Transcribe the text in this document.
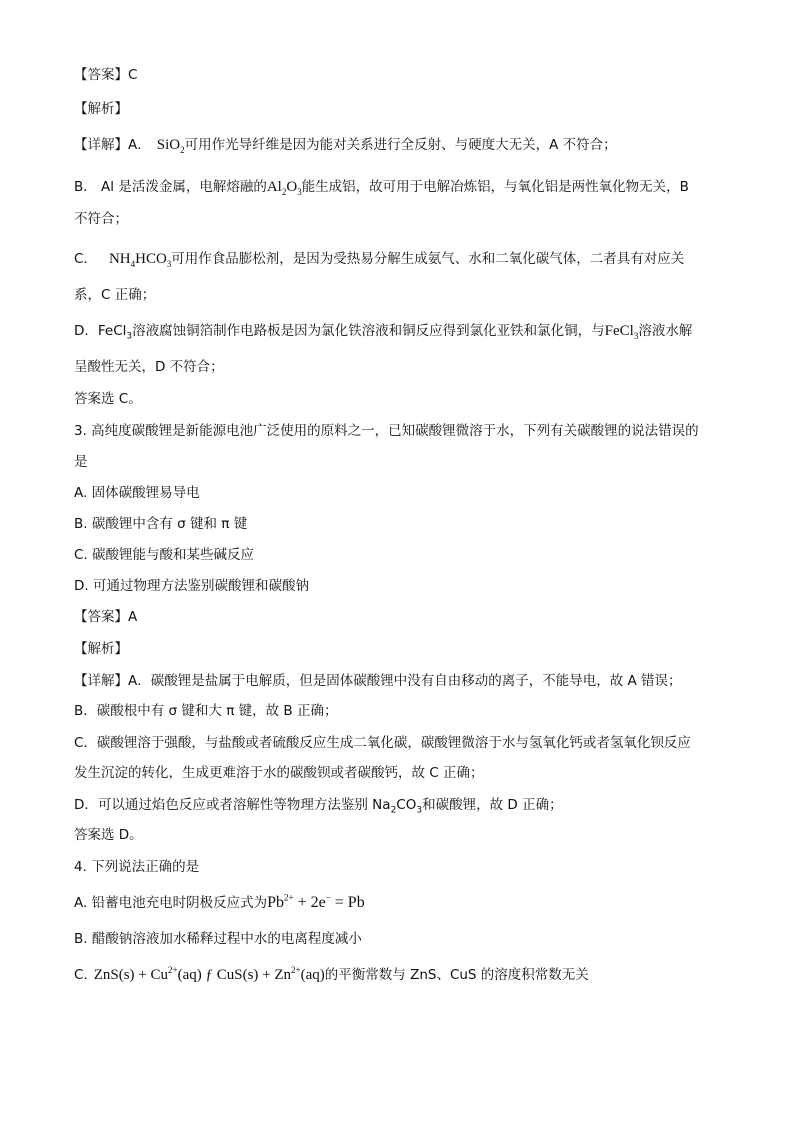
【答案】C
【解析】
【详解】A． SiO$_2$可用作光导纤维是因为能对关系进行全反射、与硬度大无关，A 不符合；
B． Al 是活泼金属，电解熔融的$Al_2O_3$能生成铝，故可用于电解冶炼铝，与氧化铝是两性氧化物无关，B
不符合；
C． $NH_4HCO_3$可用作食品膨松剂，是因为受热易分解生成氨气、水和二氧化碳气体，二者具有对应关
系，C 正确；
D．FeCl$_3$溶液腐蚀铜箔制作电路板是因为氯化铁溶液和铜反应得到氯化亚铁和氯化铜，与FeCl$_3$溶液水解
呈酸性无关，D 不符合；
答案选 C。
3. 高纯度碳酸锂是新能源电池广泛使用的原料之一，已知碳酸锂微溶于水，下列有关碳酸锂的说法错误的
是
A. 固体碳酸锂易导电
B. 碳酸锂中含有 σ 键和 π 键
C. 碳酸锂能与酸和某些碱反应
D. 可通过物理方法鉴别碳酸锂和碳酸钠
【答案】A
【解析】
【详解】A．碳酸锂是盐属于电解质，但是固体碳酸锂中没有自由移动的离子，不能导电，故 A 错误；
B．碳酸根中有 σ 键和大 π 键，故 B 正确；
C．碳酸锂溶于强酸，与盐酸或者硫酸反应生成二氧化碳，碳酸锂微溶于水与氢氧化钙或者氢氧化钡反应
发生沉淀的转化，生成更难溶于水的碳酸钡或者碳酸钙，故 C 正确；
D．可以通过焰色反应或者溶解性等物理方法鉴别 $Na_2CO_3$和碳酸锂，故 D 正确；
答案选 D。
4. 下列说法正确的是
A. 铅蓄电池充电时阴极反应式为$Pb^{2+} + 2e^- = Pb$
B. 醋酸钠溶液加水稀释过程中水的电离程度减小
C. $ZnS(s) + Cu^{2+}(aq)$ ƒ $CuS(s) + Zn^{2+}(aq)$的平衡常数与 ZnS、CuS 的溶度积常数无关
